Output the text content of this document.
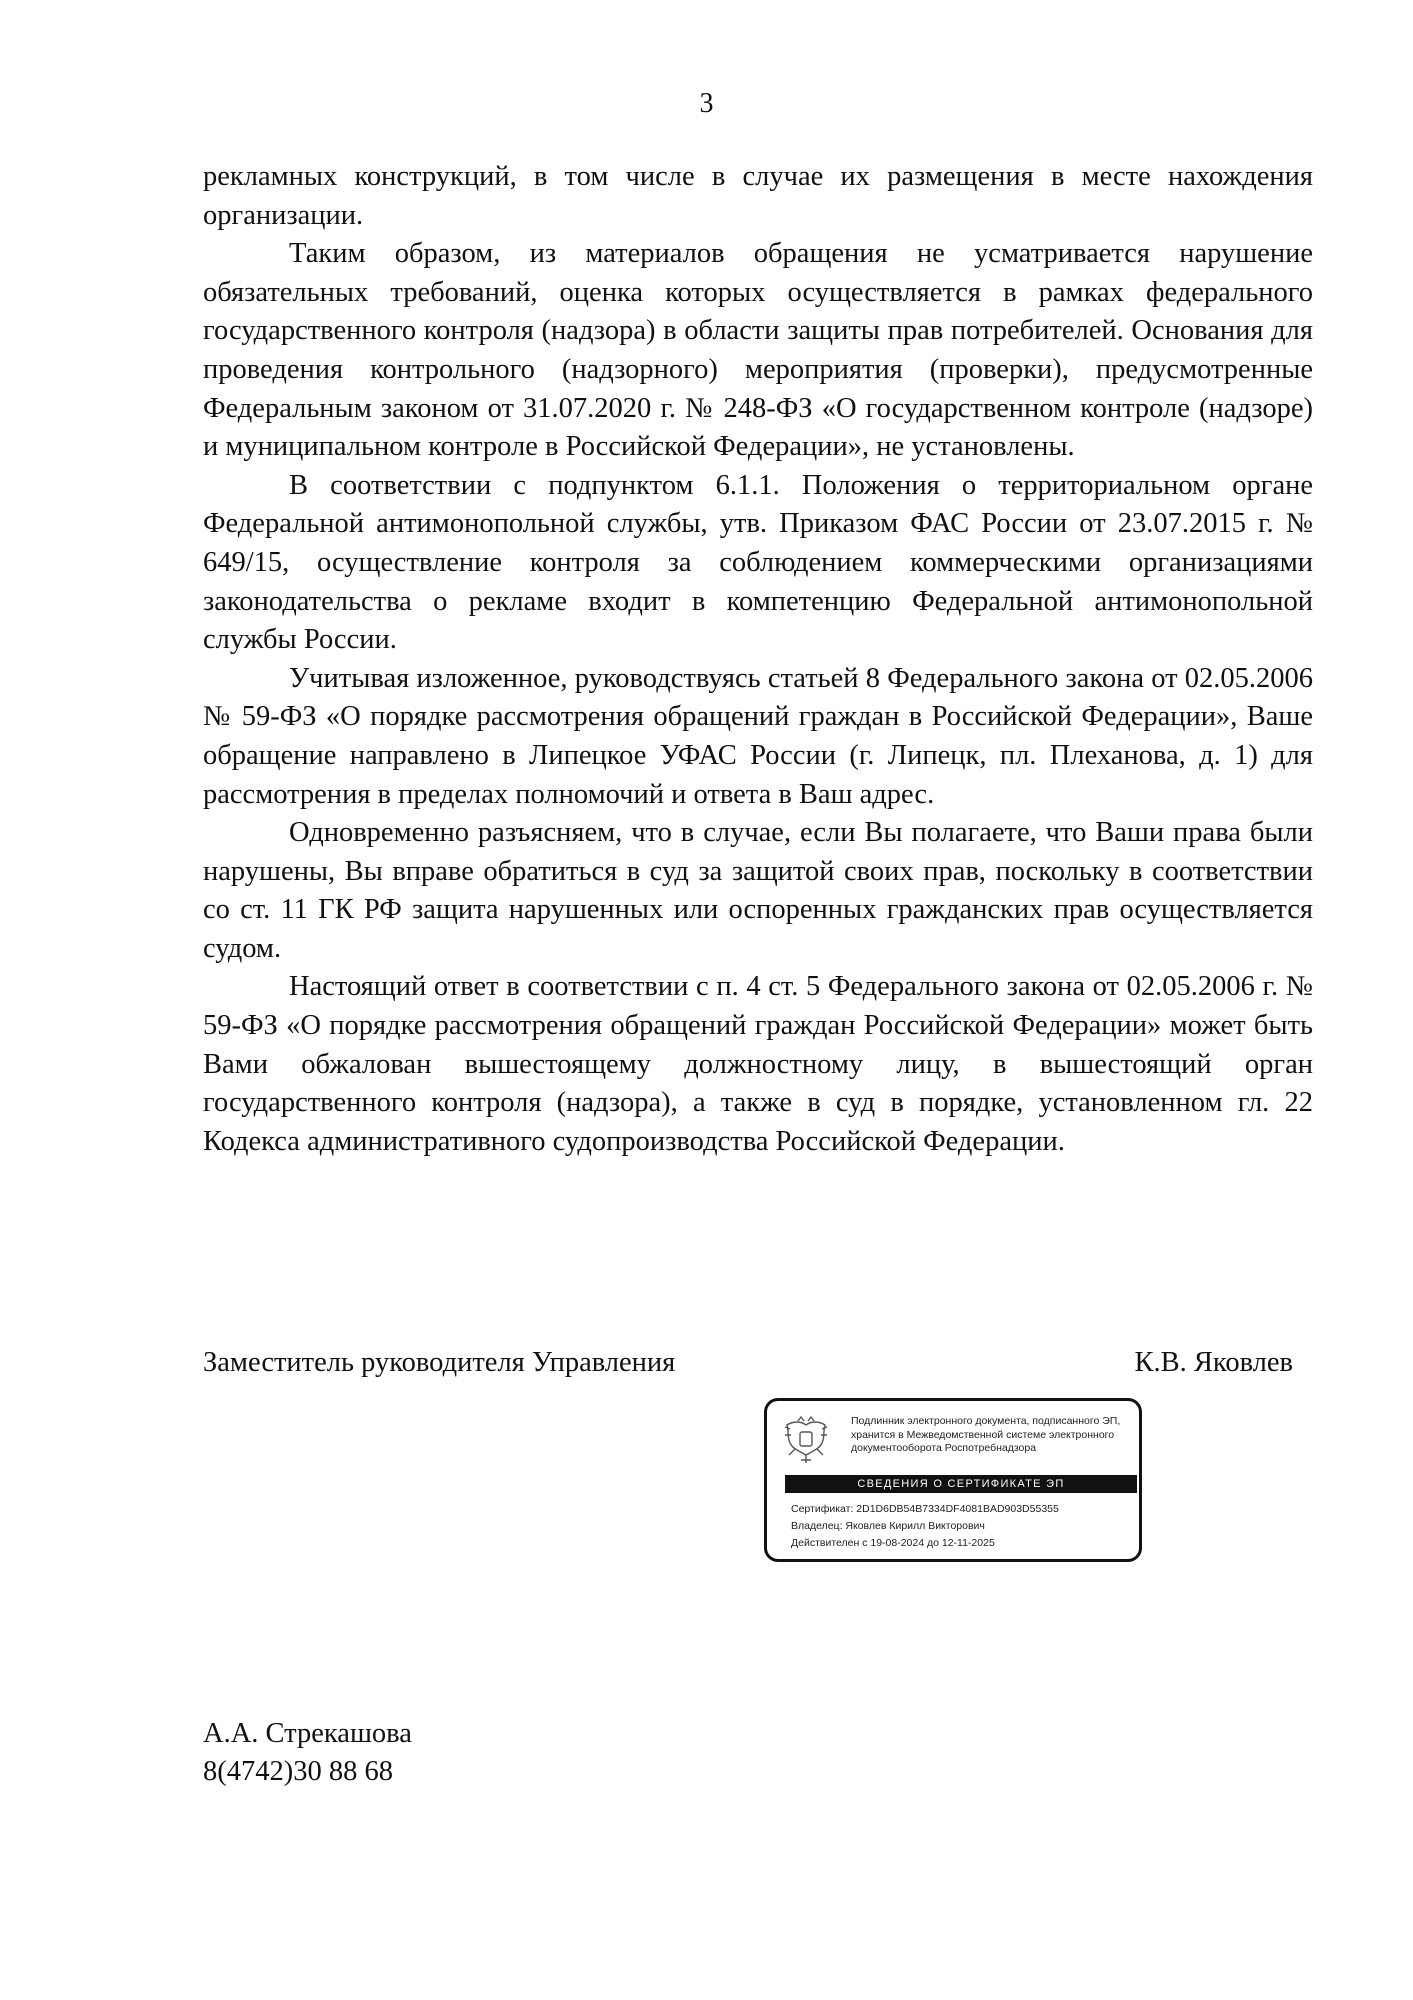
3

рекламных конструкций, в том числе в случае их размещения в месте нахождения организации.

Таким образом, из материалов обращения не усматривается нарушение обязательных требований, оценка которых осуществляется в рамках федерального государственного контроля (надзора) в области защиты прав потребителей. Основания для проведения контрольного (надзорного) мероприятия (проверки), предусмотренные Федеральным законом от 31.07.2020 г. № 248-ФЗ «О государственном контроле (надзоре) и муниципальном контроле в Российской Федерации», не установлены.

В соответствии с подпунктом 6.1.1. Положения о территориальном органе Федеральной антимонопольной службы, утв. Приказом ФАС России от 23.07.2015 г. № 649/15, осуществление контроля за соблюдением коммерческими организациями законодательства о рекламе входит в компетенцию Федеральной антимонопольной службы России.

Учитывая изложенное, руководствуясь статьей 8 Федерального закона от 02.05.2006 № 59-ФЗ «О порядке рассмотрения обращений граждан в Российской Федерации», Ваше обращение направлено в Липецкое УФАС России (г. Липецк, пл. Плеханова, д. 1) для рассмотрения в пределах полномочий и ответа в Ваш адрес.

Одновременно разъясняем, что в случае, если Вы полагаете, что Ваши права были нарушены, Вы вправе обратиться в суд за защитой своих прав, поскольку в соответствии со ст. 11 ГК РФ защита нарушенных или оспоренных гражданских прав осуществляется судом.

Настоящий ответ в соответствии с п. 4 ст. 5 Федерального закона от 02.05.2006 г. № 59-ФЗ «О порядке рассмотрения обращений граждан Российской Федерации» может быть Вами обжалован вышестоящему должностному лицу, в вышестоящий орган государственного контроля (надзора), а также в суд в порядке, установленном гл. 22 Кодекса административного судопроизводства Российской Федерации.

Заместитель руководителя Управления	К.В. Яковлев
Подлинник электронного документа, подписанного ЭП,
хранится в Межведомственной системе электронного
документооборота Роспотребнадзора
СВЕДЕНИЯ О СЕРТИФИКАТЕ ЭП
Сертификат: 2D1D6DB54B7334DF4081BAD903D55355
Владелец: Яковлев Кирилл Викторович
Действителен с 19-08-2024 до 12-11-2025
А.А. Стрекашова
8(4742)30 88 68
